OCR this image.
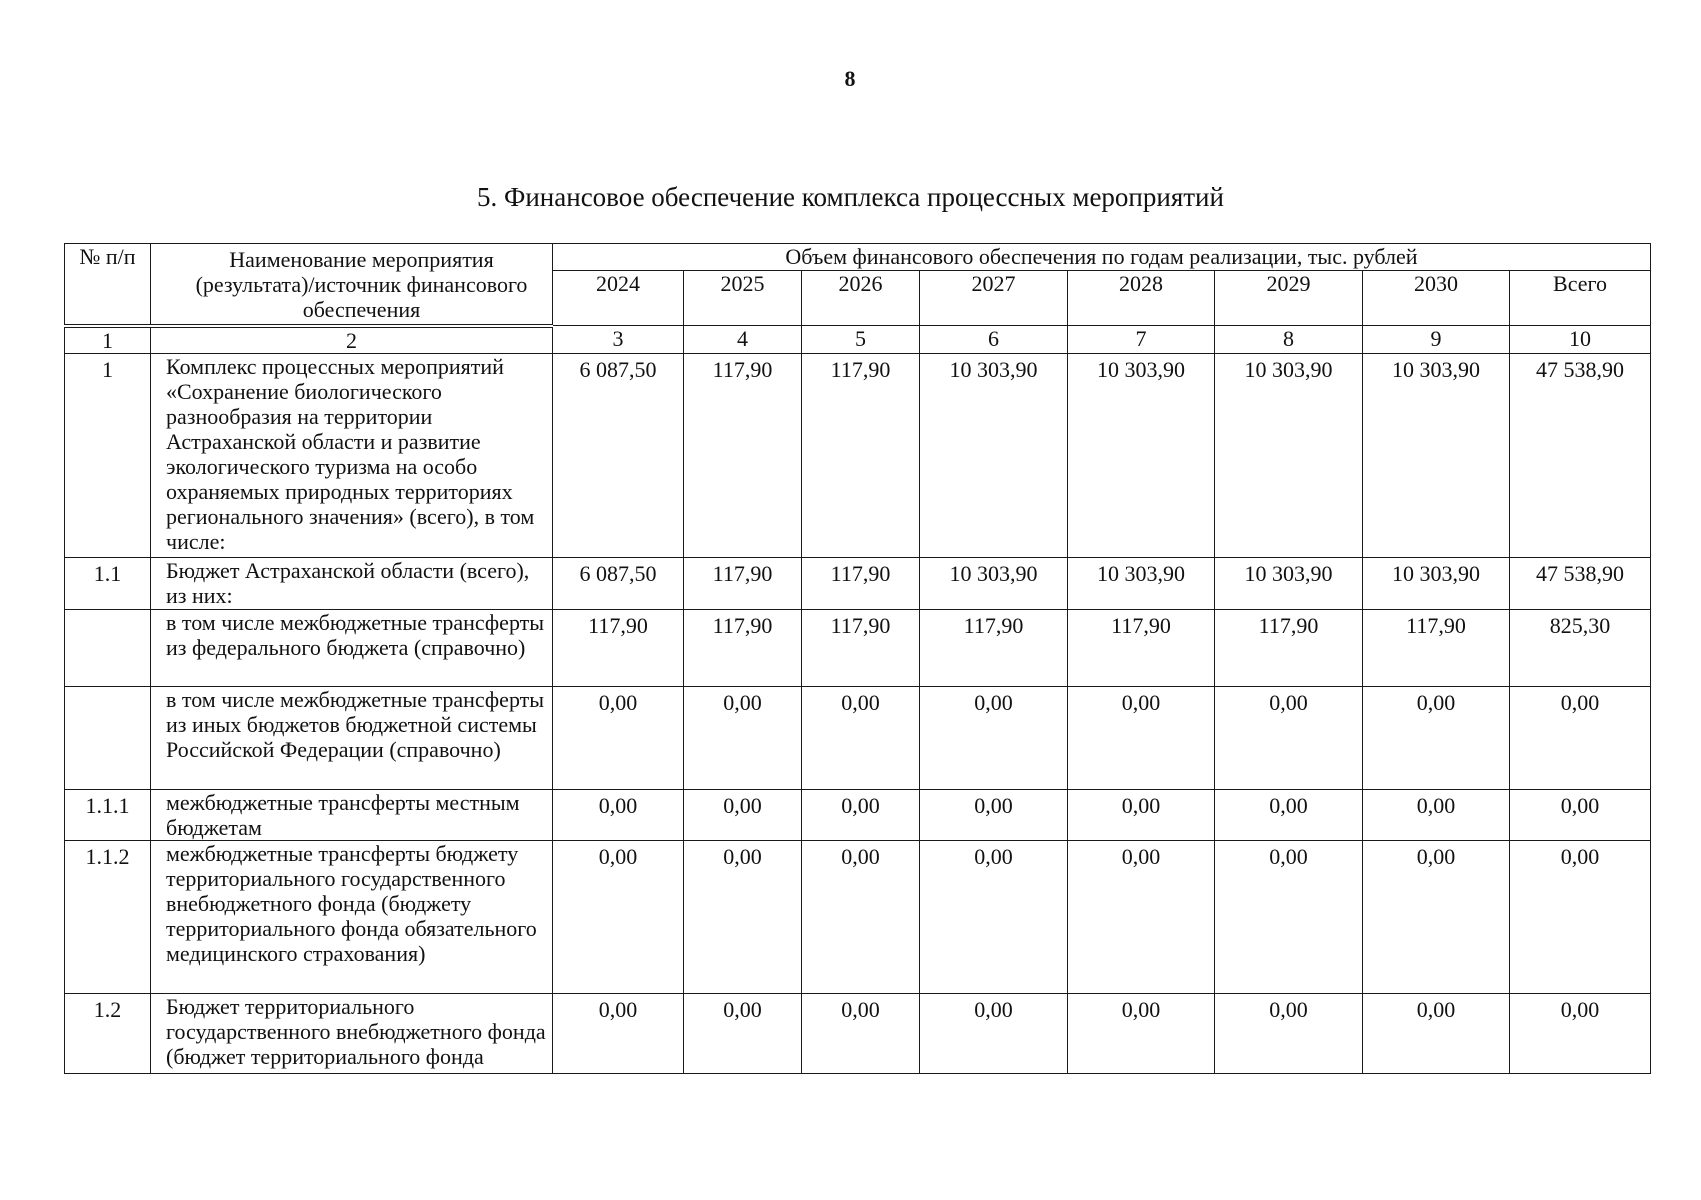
8
5. Финансовое обеспечение комплекса процессных мероприятий
№ п/п	Наименование мероприятия (результата)/источник финансового обеспечения	Объем финансового обеспечения по годам реализации, тыс. рублей							
		2024	2025	2026	2027	2028	2029	2030	Всего
1	2	3	4	5	6	7	8	9	10
1	Комплекс процессных мероприятий «Сохранение биологического разнообразия на территории Астраханской области и развитие экологического туризма на особо охраняемых природных территориях регионального значения» (всего), в том числе:	6 087,50	117,90	117,90	10 303,90	10 303,90	10 303,90	10 303,90	47 538,90
1.1	Бюджет Астраханской области (всего), из них:	6 087,50	117,90	117,90	10 303,90	10 303,90	10 303,90	10 303,90	47 538,90
	в том числе межбюджетные трансферты из федерального бюджета (справочно)	117,90	117,90	117,90	117,90	117,90	117,90	117,90	825,30
	в том числе межбюджетные трансферты из иных бюджетов бюджетной системы Российской Федерации (справочно)	0,00	0,00	0,00	0,00	0,00	0,00	0,00	0,00
1.1.1	межбюджетные трансферты местным бюджетам	0,00	0,00	0,00	0,00	0,00	0,00	0,00	0,00
1.1.2	межбюджетные трансферты бюджету территориального государственного внебюджетного фонда (бюджету территориального фонда обязательного медицинского страхования)	0,00	0,00	0,00	0,00	0,00	0,00	0,00	0,00
1.2	Бюджет территориального государственного внебюджетного фонда (бюджет территориального фонда	0,00	0,00	0,00	0,00	0,00	0,00	0,00	0,00
